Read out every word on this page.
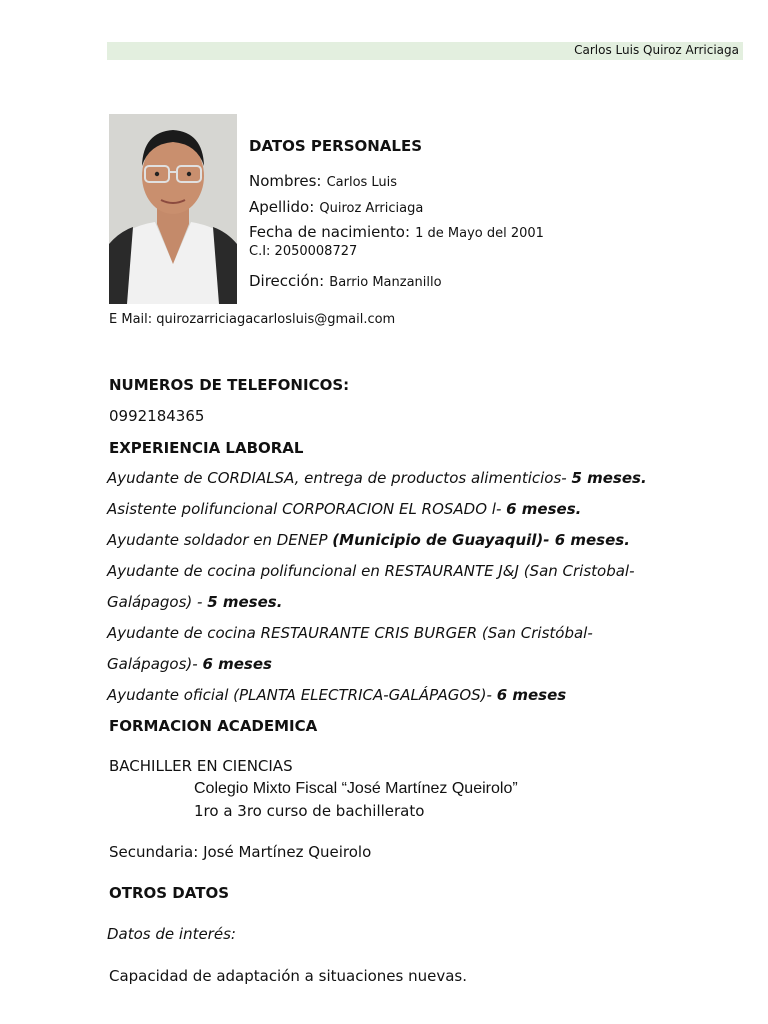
Carlos Luis Quiroz Arriciaga
DATOS PERSONALES
Nombres: Carlos Luis
Apellido: Quiroz Arriciaga
Fecha de nacimiento: 1 de Mayo del 2001
C.I: 2050008727
Dirección: Barrio Manzanillo
E Mail: quirozarriciagacarlosluis@gmail.com
NUMEROS DE TELEFONICOS:
0992184365
EXPERIENCIA LABORAL
Ayudante de CORDIALSA, entrega de productos alimenticios- 5 meses.
Asistente polifuncional CORPORACION EL ROSADO l- 6 meses.
Ayudante soldador en DENEP (Municipio de Guayaquil)- 6 meses.
Ayudante de cocina polifuncional en RESTAURANTE J&J (San Cristobal-
Galápagos) - 5 meses.
Ayudante de cocina RESTAURANTE CRIS BURGER (San Cristóbal-
Galápagos)- 6 meses
Ayudante oficial (PLANTA ELECTRICA-GALÁPAGOS)- 6 meses
FORMACION ACADEMICA
BACHILLER EN CIENCIAS
Colegio Mixto Fiscal “José Martínez Queirolo”
1ro a 3ro curso de bachillerato
Secundaria: José Martínez Queirolo
OTROS DATOS
Datos de interés:
Capacidad de adaptación a situaciones nuevas.
